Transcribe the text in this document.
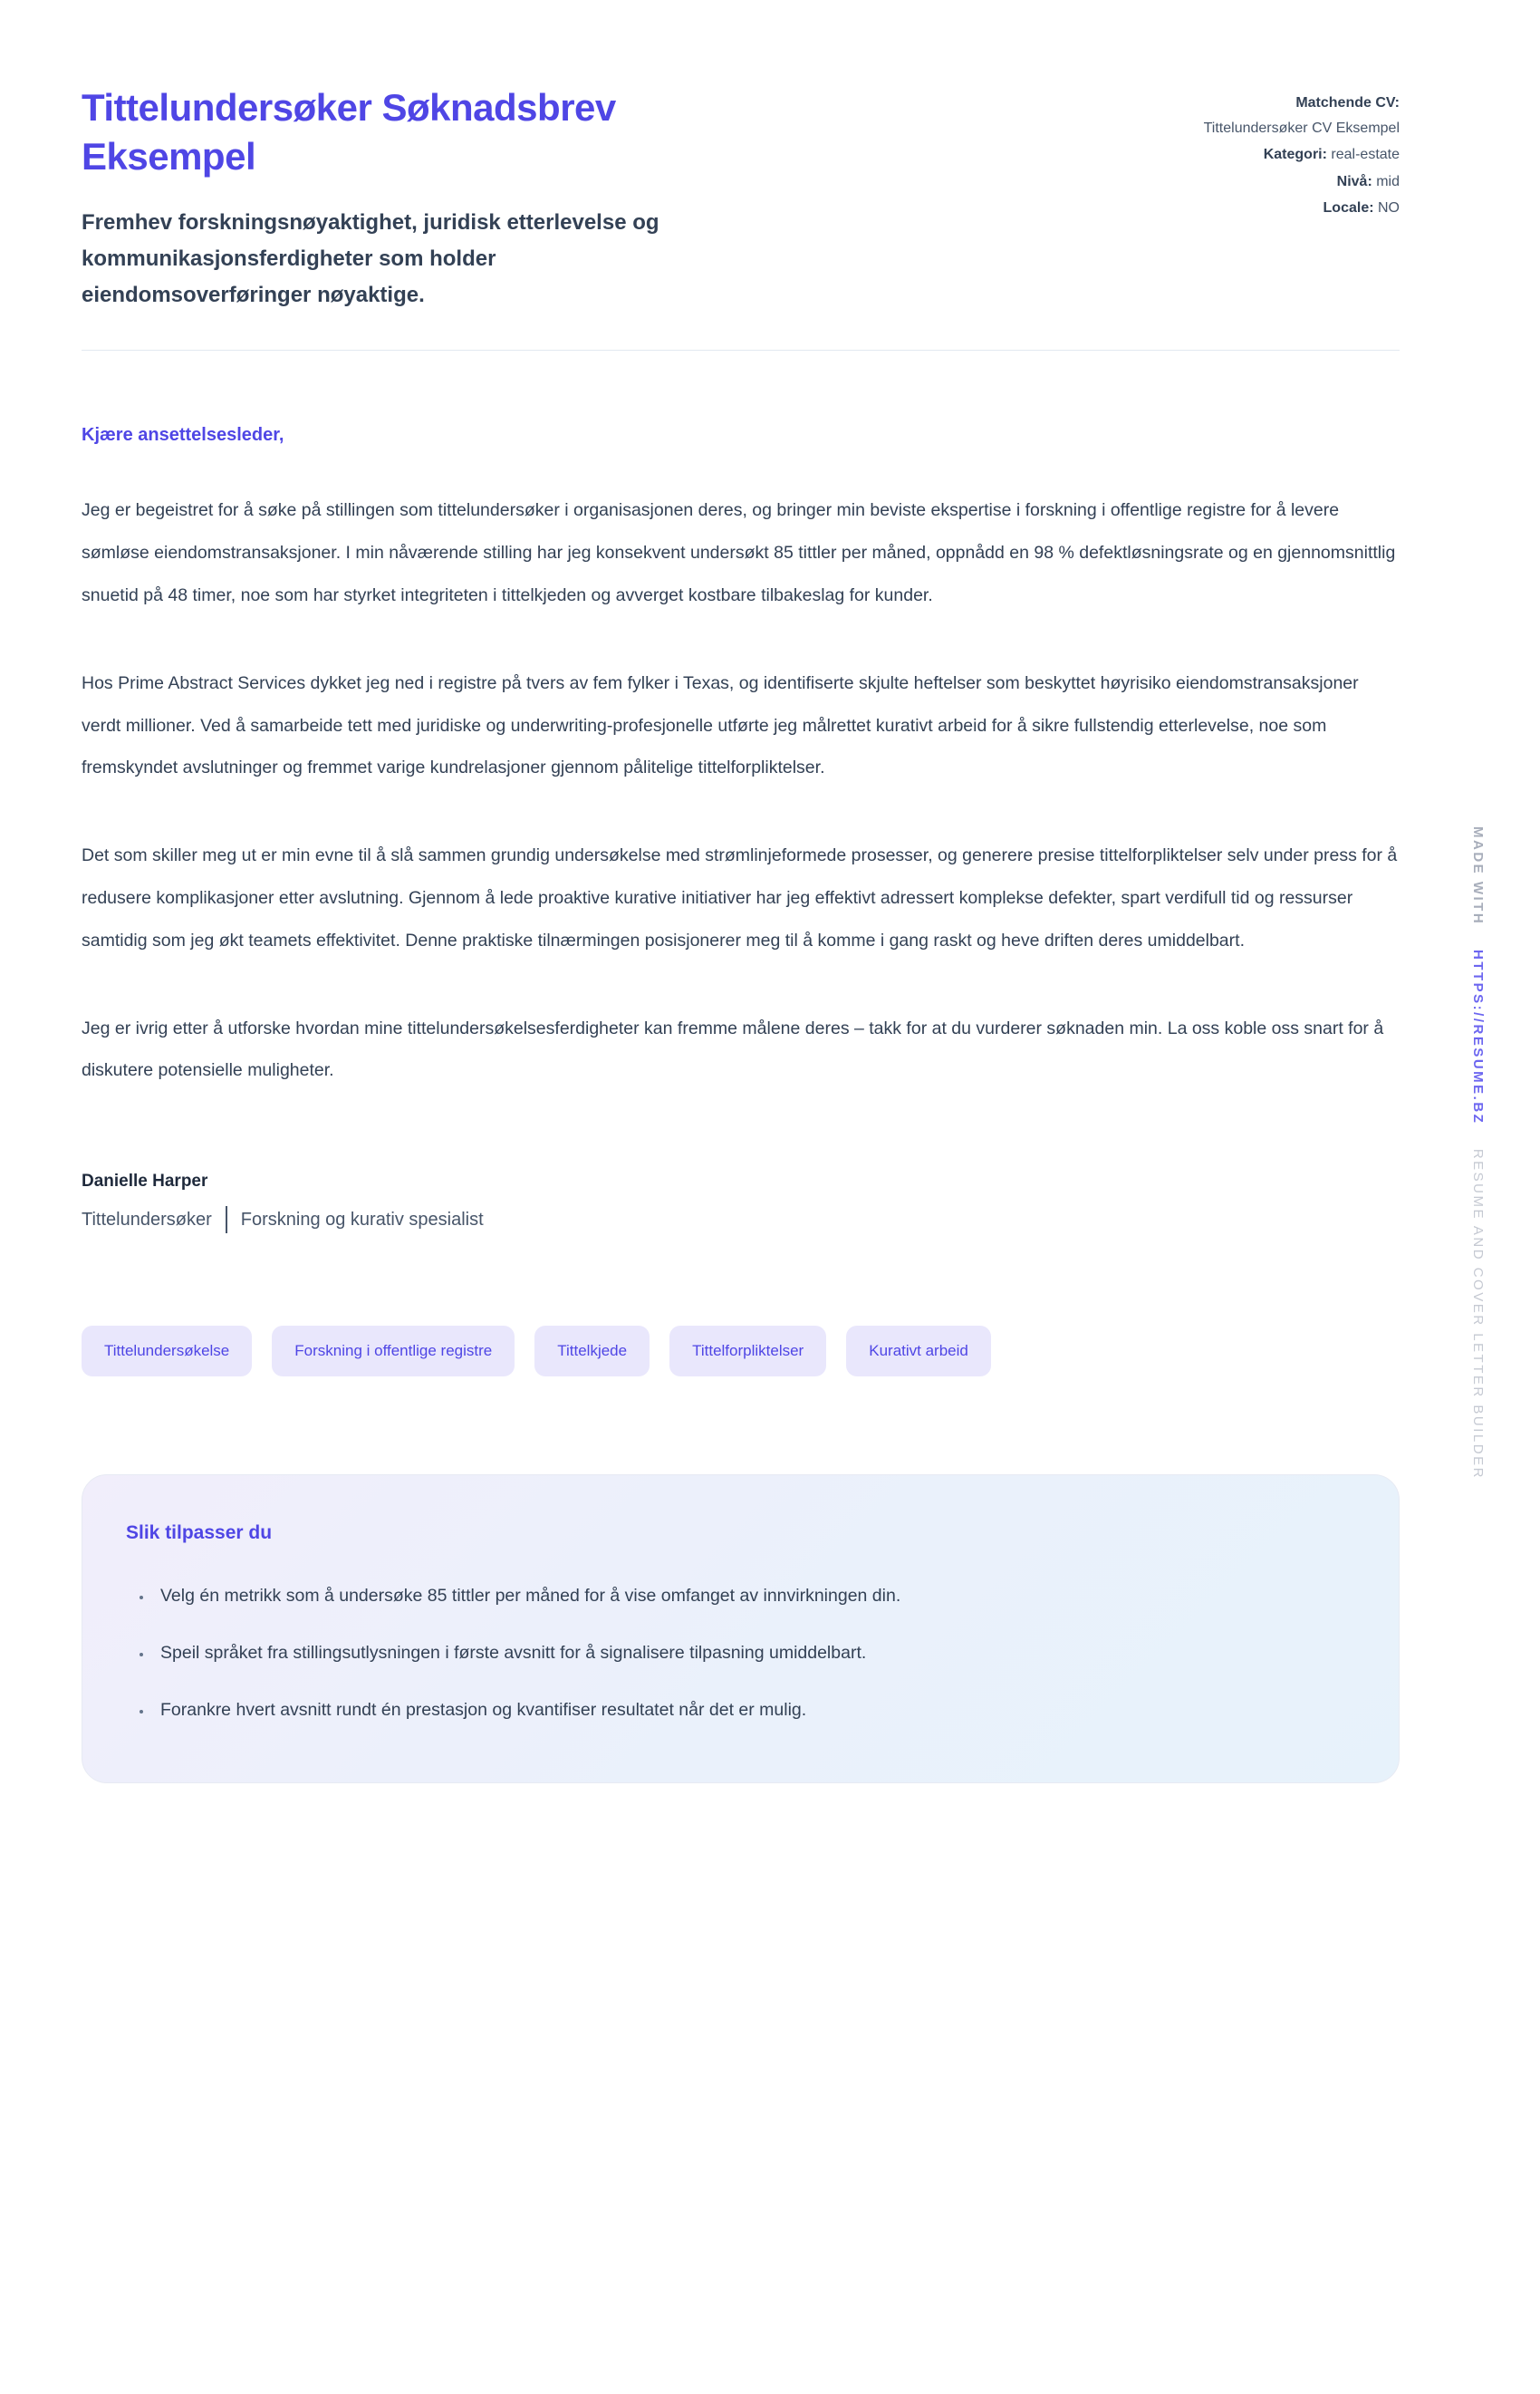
Tittelundersøker Søknadsbrev Eksempel

Fremhev forskningsnøyaktighet, juridisk etterlevelse og kommunikasjonsferdigheter som holder eiendomsoverføringer nøyaktige.

Matchende CV:
Tittelundersøker CV Eksempel
Kategori: real-estate
Nivå: mid
Locale: NO

Kjære ansettelsesleder,

Jeg er begeistret for å søke på stillingen som tittelundersøker i organisasjonen deres, og bringer min beviste ekspertise i forskning i offentlige registre for å levere sømløse eiendomstransaksjoner. I min nåværende stilling har jeg konsekvent undersøkt 85 tittler per måned, oppnådd en 98 % defektløsningsrate og en gjennomsnittlig snuetid på 48 timer, noe som har styrket integriteten i tittelkjeden og avverget kostbare tilbakeslag for kunder.

Hos Prime Abstract Services dykket jeg ned i registre på tvers av fem fylker i Texas, og identifiserte skjulte heftelser som beskyttet høyrisiko eiendomstransaksjoner verdt millioner. Ved å samarbeide tett med juridiske og underwriting-profesjonelle utførte jeg målrettet kurativt arbeid for å sikre fullstendig etterlevelse, noe som fremskyndet avslutninger og fremmet varige kundrelasjoner gjennom pålitelige tittelforpliktelser.

Det som skiller meg ut er min evne til å slå sammen grundig undersøkelse med strømlinjeformede prosesser, og generere presise tittelforpliktelser selv under press for å redusere komplikasjoner etter avslutning. Gjennom å lede proaktive kurative initiativer har jeg effektivt adressert komplekse defekter, spart verdifull tid og ressurser samtidig som jeg økt teamets effektivitet. Denne praktiske tilnærmingen posisjonerer meg til å komme i gang raskt og heve driften deres umiddelbart.

Jeg er ivrig etter å utforske hvordan mine tittelundersøkelsesferdigheter kan fremme målene deres – takk for at du vurderer søknaden min. La oss koble oss snart for å diskutere potensielle muligheter.

Danielle Harper

Tittelundersøker Forskning og kurativ spesialist
Tittelundersøkelse	Forskning i offentlige registre	Tittelkjede	Tittelforpliktelser	Kurativt arbeid
Slik tilpasser du
• Velg én metrikk som å undersøke 85 tittler per måned for å vise omfanget av innvirkningen din.
• Speil språket fra stillingsutlysningen i første avsnitt for å signalisere tilpasning umiddelbart.
• Forankre hvert avsnitt rundt én prestasjon og kvantifiser resultatet når det er mulig.
MADE WITH HTTPS://RESUME.BZ RESUME AND COVER LETTER BUILDER
